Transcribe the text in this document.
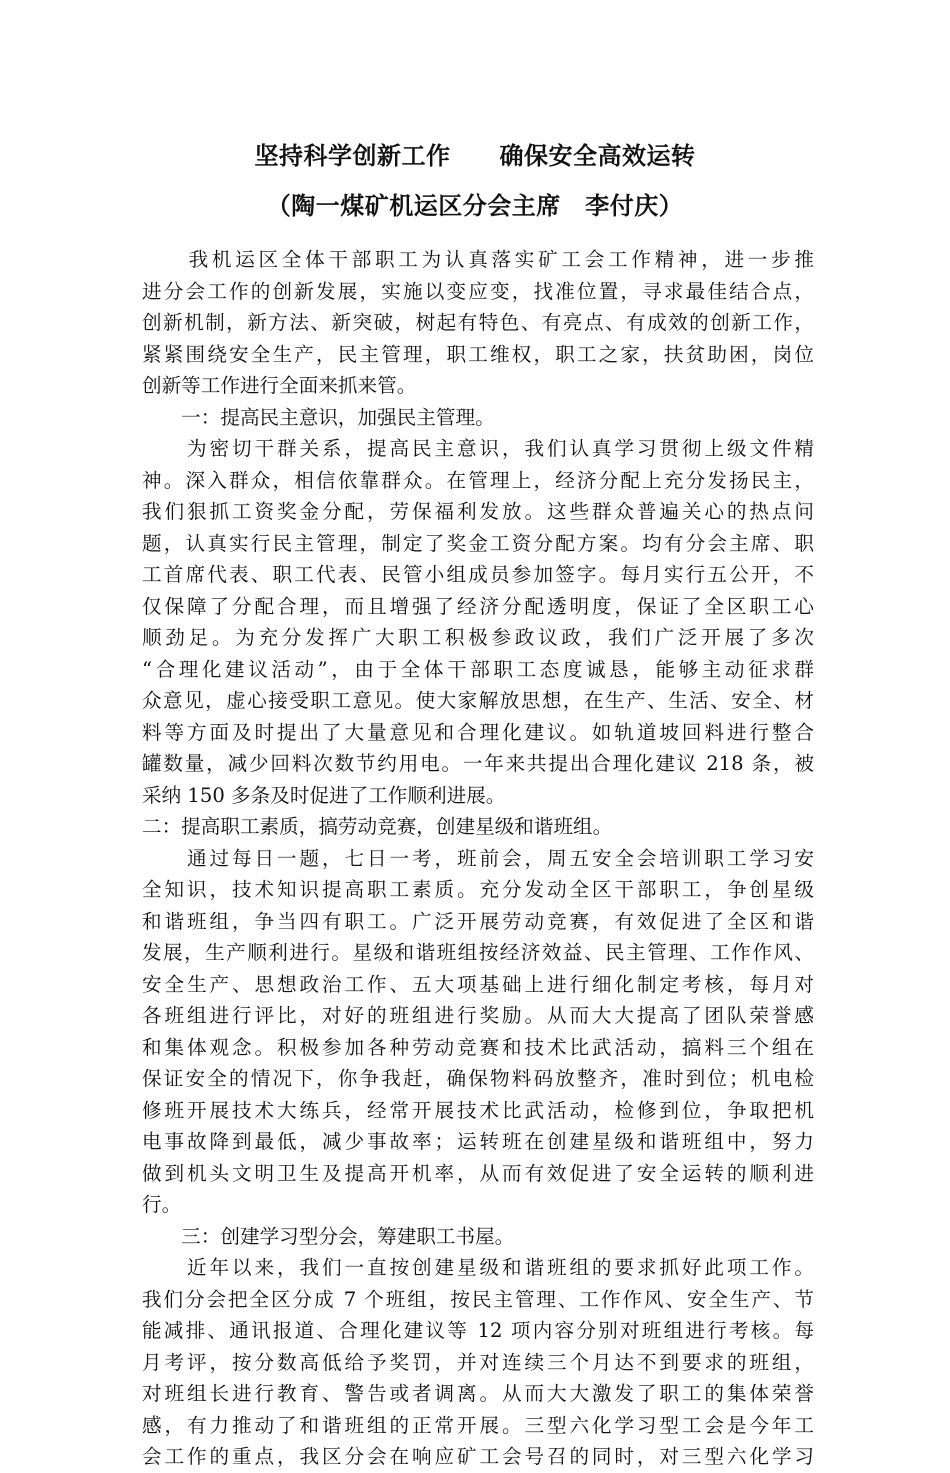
坚持科学创新工作　　确保安全高效运转
（陶一煤矿机运区分会主席　李付庆）
　　我机运区全体干部职工为认真落实矿工会工作精神，进一步推
进分会工作的创新发展，实施以变应变，找准位置，寻求最佳结合点，
创新机制，新方法、新突破，树起有特色、有亮点、有成效的创新工作，
紧紧围绕安全生产，民主管理，职工维权，职工之家，扶贫助困，岗位
创新等工作进行全面来抓来管。
　　一：提高民主意识，加强民主管理。
　　为密切干群关系，提高民主意识，我们认真学习贯彻上级文件精
神。深入群众，相信依靠群众。在管理上，经济分配上充分发扬民主，
我们狠抓工资奖金分配，劳保福利发放。这些群众普遍关心的热点问
题，认真实行民主管理，制定了奖金工资分配方案。均有分会主席、职
工首席代表、职工代表、民管小组成员参加签字。每月实行五公开，不
仅保障了分配合理，而且增强了经济分配透明度，保证了全区职工心
顺劲足。为充分发挥广大职工积极参政议政，我们广泛开展了多次
“合理化建议活动”，由于全体干部职工态度诚恳，能够主动征求群
众意见，虚心接受职工意见。使大家解放思想，在生产、生活、安全、材
料等方面及时提出了大量意见和合理化建议。如轨道坡回料进行整合
罐数量，减少回料次数节约用电。一年来共提出合理化建议 218 条，被
采纳 150 多条及时促进了工作顺利进展。
二：提高职工素质，搞劳动竞赛，创建星级和谐班组。
　　通过每日一题，七日一考，班前会，周五安全会培训职工学习安
全知识，技术知识提高职工素质。充分发动全区干部职工，争创星级
和谐班组，争当四有职工。广泛开展劳动竞赛，有效促进了全区和谐
发展，生产顺利进行。星级和谐班组按经济效益、民主管理、工作作风、
安全生产、思想政治工作、五大项基础上进行细化制定考核，每月对
各班组进行评比，对好的班组进行奖励。从而大大提高了团队荣誉感
和集体观念。积极参加各种劳动竞赛和技术比武活动，搞料三个组在
保证安全的情况下，你争我赶，确保物料码放整齐，准时到位；机电检
修班开展技术大练兵，经常开展技术比武活动，检修到位，争取把机
电事故降到最低，减少事故率；运转班在创建星级和谐班组中，努力
做到机头文明卫生及提高开机率，从而有效促进了安全运转的顺利进
行。
　　三：创建学习型分会，筹建职工书屋。
　　近年以来，我们一直按创建星级和谐班组的要求抓好此项工作。
我们分会把全区分成 7 个班组，按民主管理、工作作风、安全生产、节
能减排、通讯报道、合理化建议等 12 项内容分别对班组进行考核。每
月考评，按分数高低给予奖罚，并对连续三个月达不到要求的班组，
对班组长进行教育、警告或者调离。从而大大激发了职工的集体荣誉
感，有力推动了和谐班组的正常开展。三型六化学习型工会是今年工
会工作的重点，我区分会在响应矿工会号召的同时，对三型六化学习
